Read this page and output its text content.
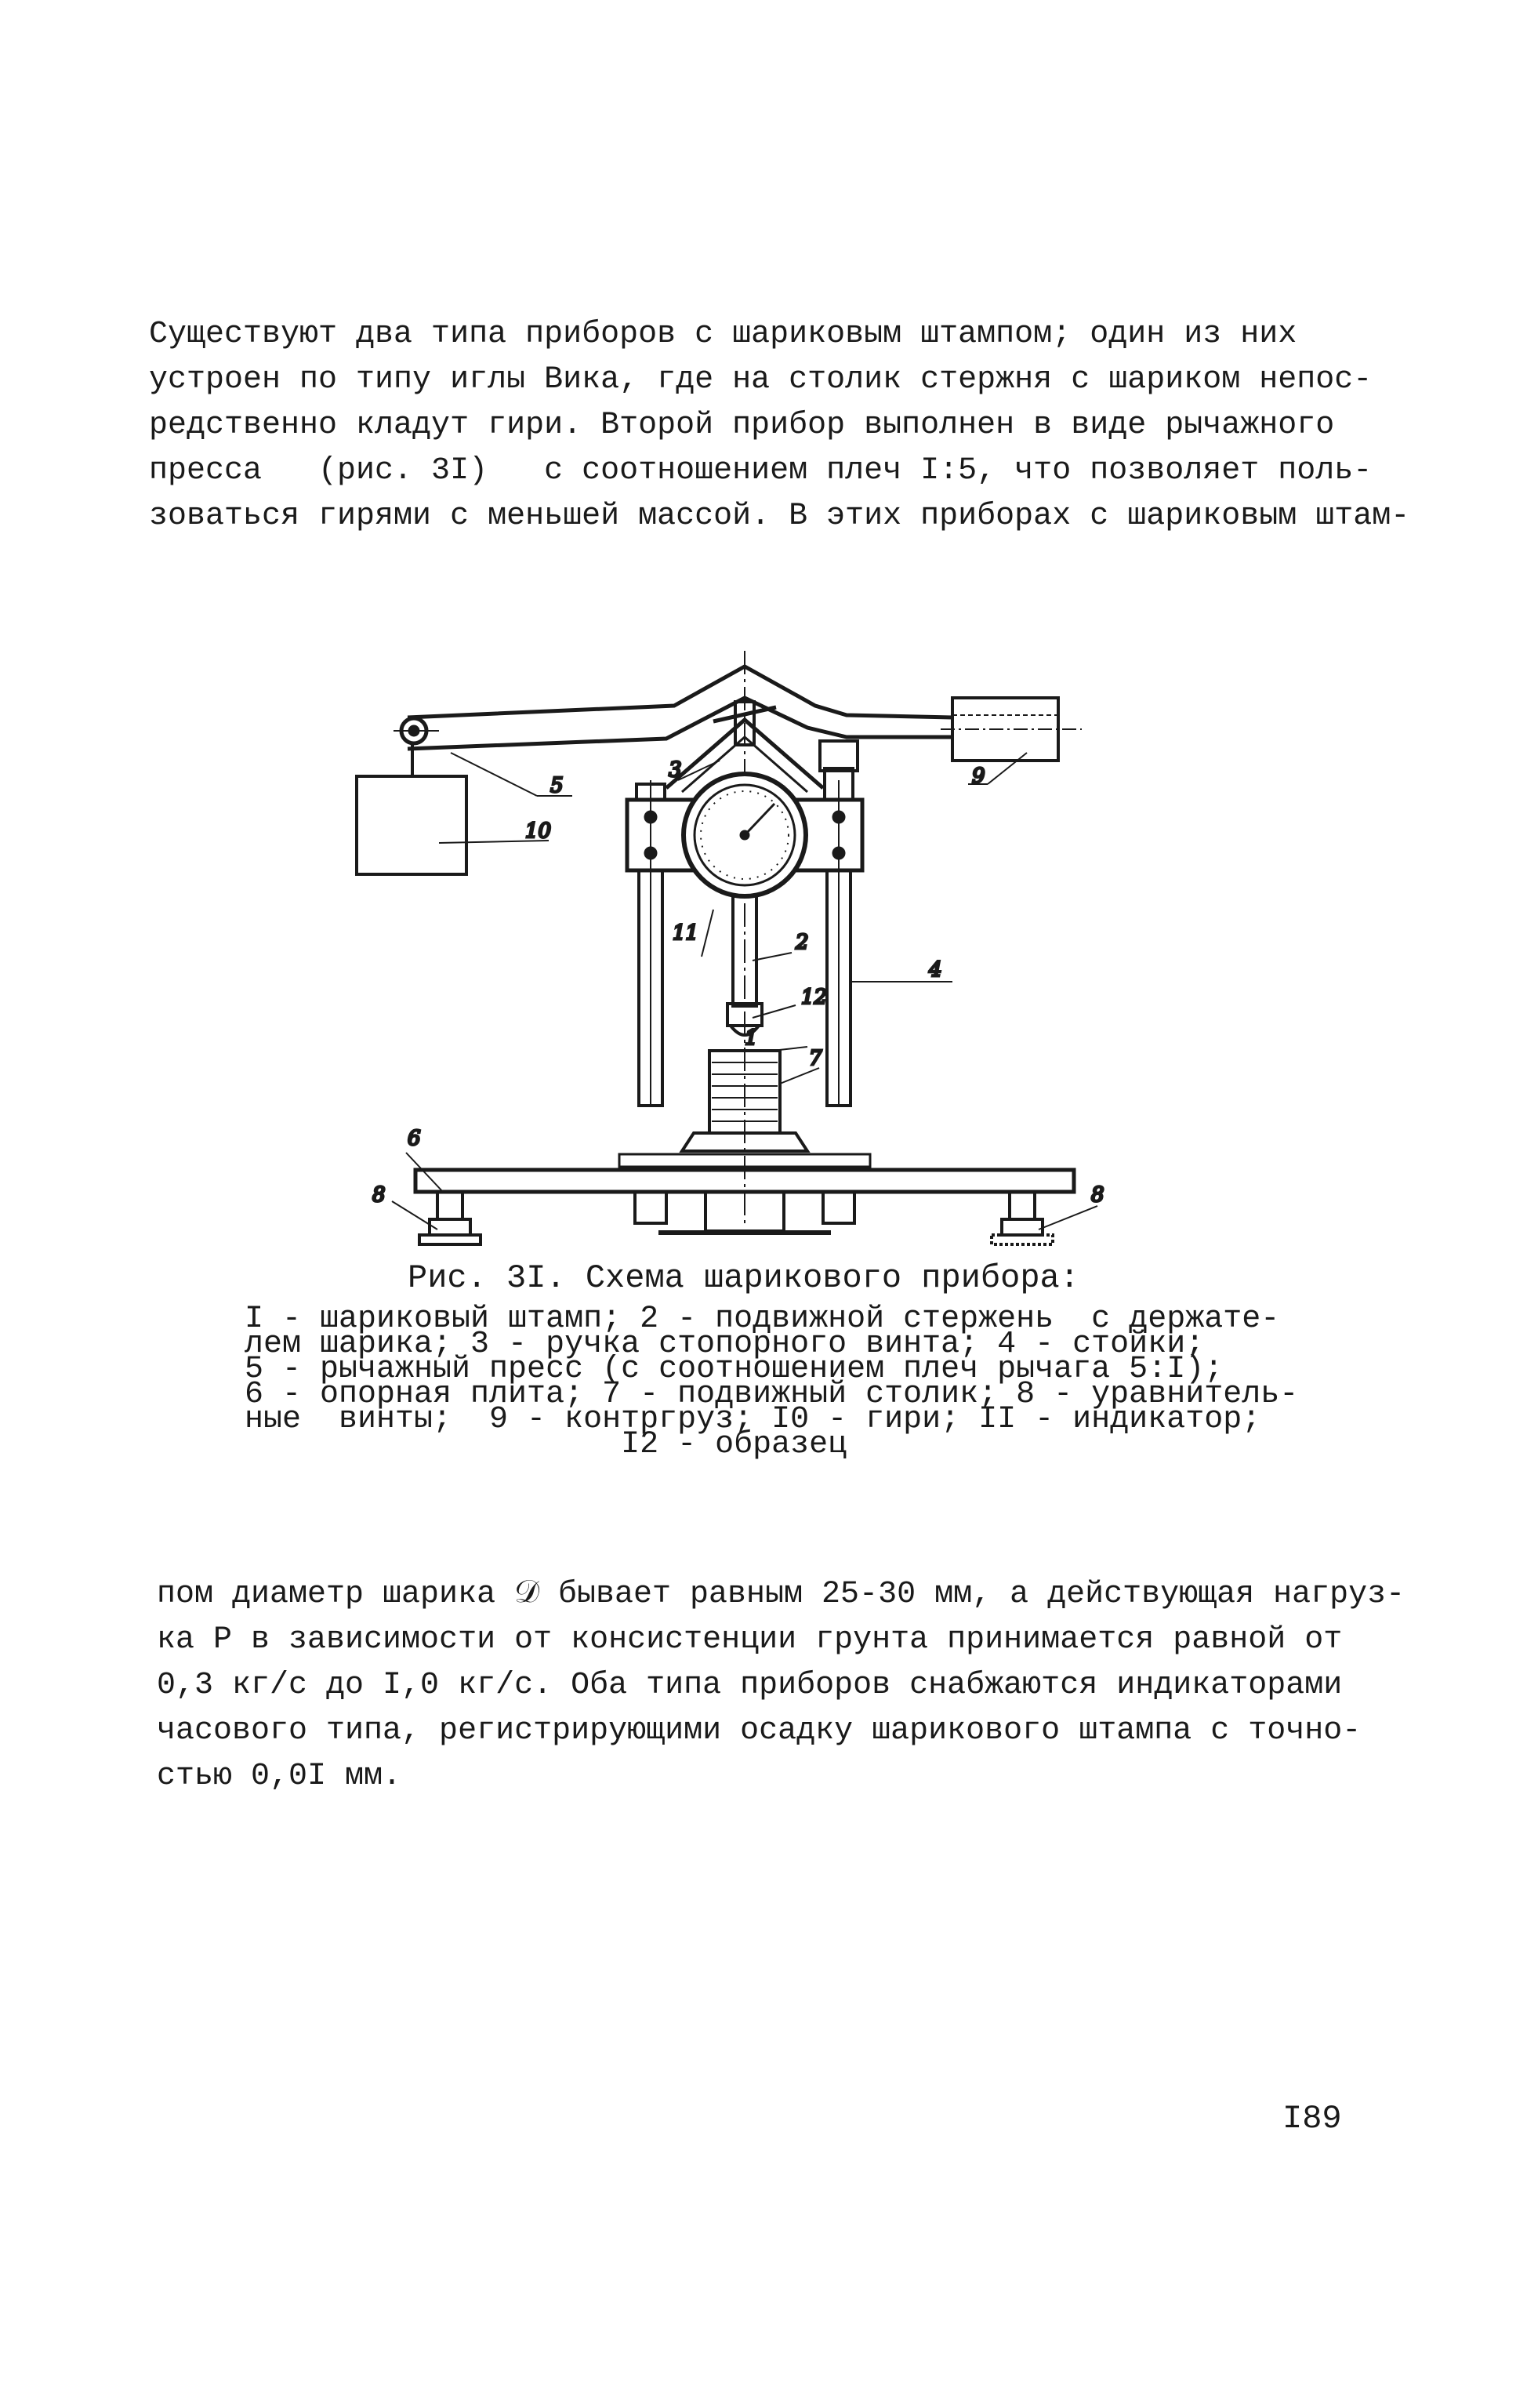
Существуют два типа приборов с шариковым штампом; один из них
устроен по типу иглы Вика, где на столик стержня с шариком непос-
редственно кладут гири. Второй прибор выполнен в виде рычажного
пресса   (рис. 3I)   с соотношением плеч I:5, что позволяет поль-
зоваться гирями с меньшей массой. В этих приборах с шариковым штам-
1
2
3
4
5
6
7
8	8
9
10
11
12
Рис. 3I. Схема шарикового прибора:
I - шариковый штамп; 2 - подвижной стержень  с держате-
лем шарика; 3 - ручка стопорного винта; 4 - стойки;
5 - рычажный пресс (с соотношением плеч рычага 5:I);
6 - опорная плита; 7 - подвижный столик; 8 - уравнитель-
ные  винты;  9 - контргруз; I0 - гири; II - индикатор;
I2 - образец
пом диаметр шарика 𝒟 бывает равным 25-30 мм, а действующая нагруз-
ка Р в зависимости от консистенции грунта принимается равной от
0,3 кг/с до I,0 кг/с. Оба типа приборов снабжаются индикаторами
часового типа, регистрирующими осадку шарикового штампа с точно-
стью 0,0I мм.
I89
